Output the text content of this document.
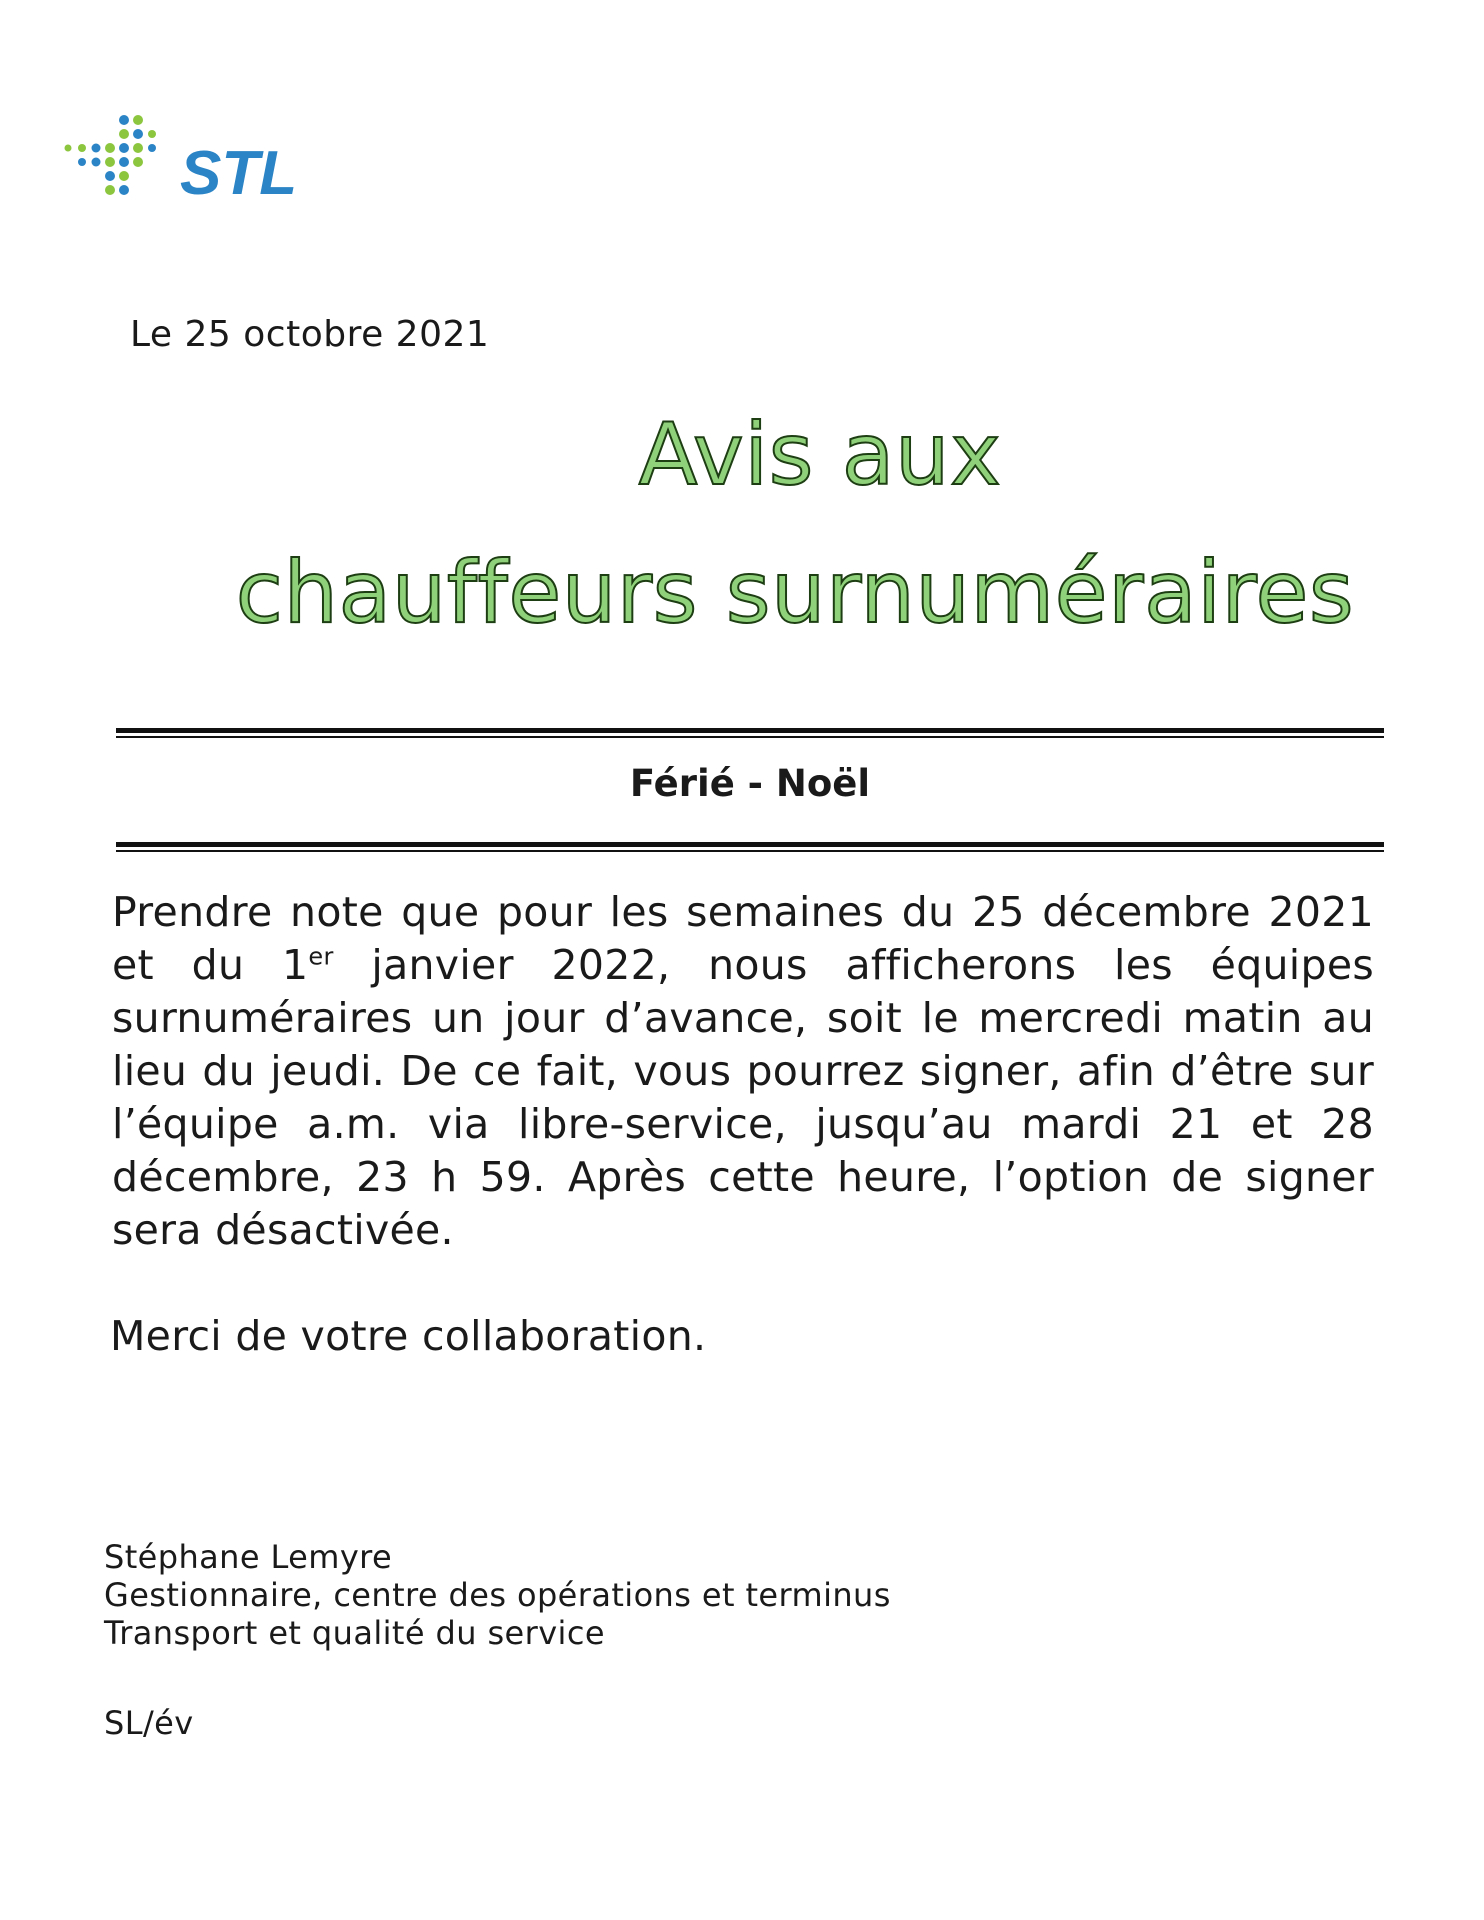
STL
Le 25 octobre 2021
Avis aux
chauffeurs surnuméraires
Férié - Noël

Prendre note que pour les semaines du 25 décembre 2021 et du 1er janvier 2022, nous afficherons les équipes surnuméraires un jour d’avance, soit le mercredi matin au lieu du jeudi. De ce fait, vous pourrez signer, afin d’être sur l’équipe a.m. via libre-service, jusqu’au mardi 21 et 28 décembre, 23 h 59. Après cette heure, l’option de signer sera désactivée.

Merci de votre collaboration.
Stéphane Lemyre
Gestionnaire, centre des opérations et terminus
Transport et qualité du service
SL/év
